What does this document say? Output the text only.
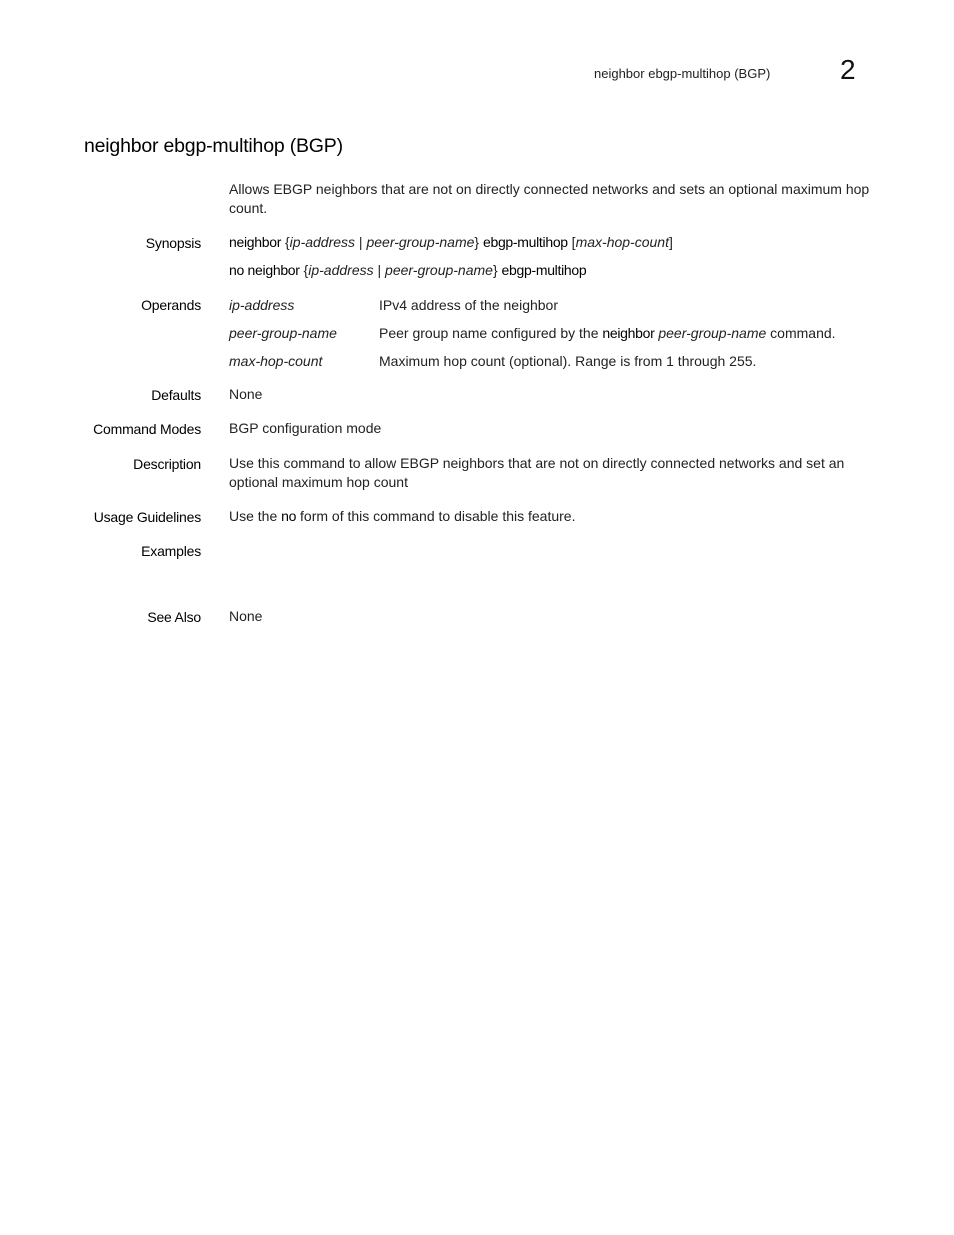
neighbor ebgp-multihop (BGP) 2
neighbor ebgp-multihop (BGP)
Allows EBGP neighbors that are not on directly connected networks and sets an optional maximum hop count.
Synopsis neighbor {ip-address | peer-group-name} ebgp-multihop [max-hop-count]
no neighbor {ip-address | peer-group-name} ebgp-multihop
Operands ip-address	IPv4 address of the neighbor
peer-group-name	Peer group name configured by the neighbor peer-group-name command.
max-hop-count	Maximum hop count (optional). Range is from 1 through 255.
Defaults None
Command Modes BGP configuration mode
Description Use this command to allow EBGP neighbors that are not on directly connected networks and set an optional maximum hop count
Usage Guidelines Use the no form of this command to disable this feature.
Examples
See Also None
